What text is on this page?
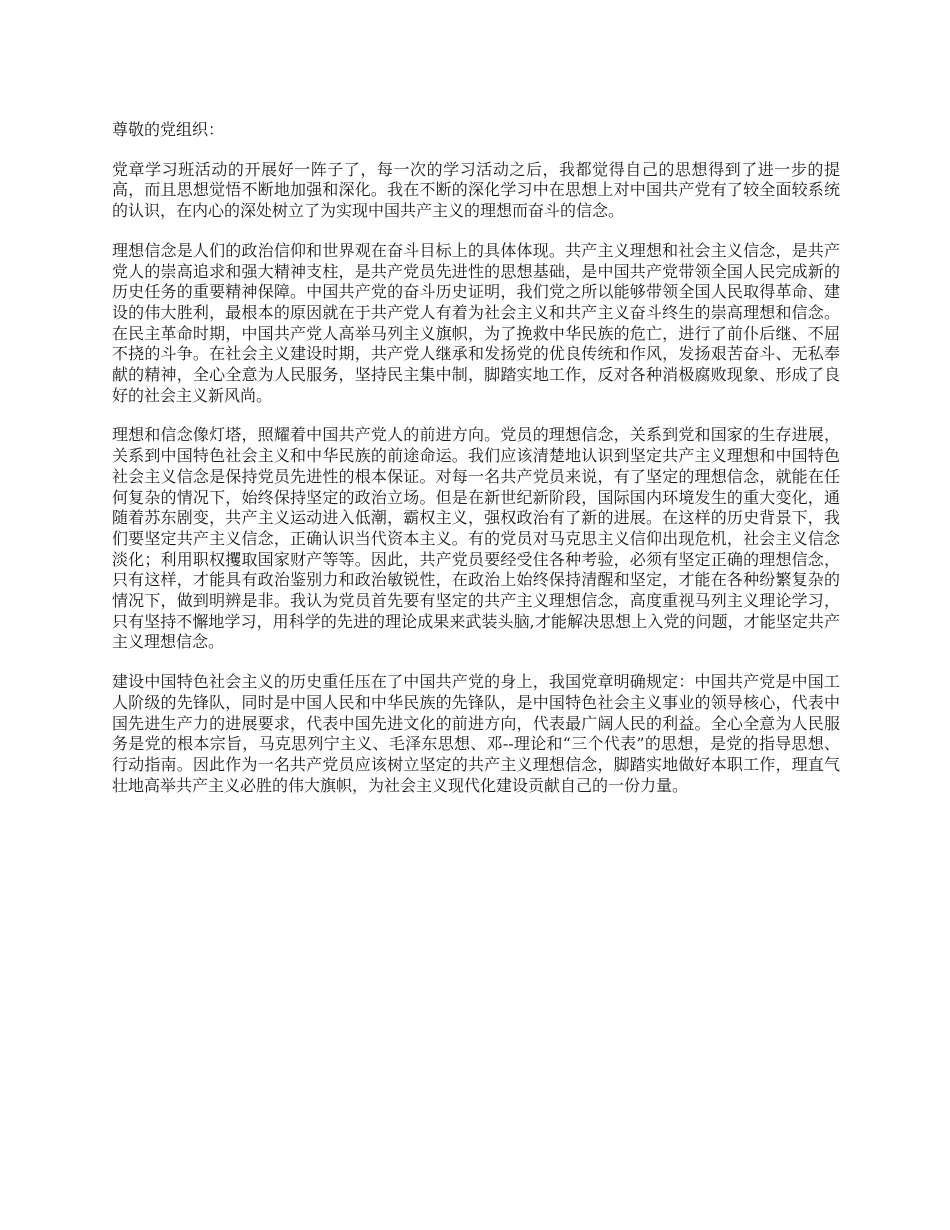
尊敬的党组织：

党章学习班活动的开展好一阵子了，每一次的学习活动之后，我都觉得自己的思想得到了进一步的提高，而且思想觉悟不断地加强和深化。我在不断的深化学习中在思想上对中国共产党有了较全面较系统的认识，在内心的深处树立了为实现中国共产主义的理想而奋斗的信念。

理想信念是人们的政治信仰和世界观在奋斗目标上的具体体现。共产主义理想和社会主义信念，是共产党人的崇高追求和强大精神支柱，是共产党员先进性的思想基础，是中国共产党带领全国人民完成新的历史任务的重要精神保障。中国共产党的奋斗历史证明，我们党之所以能够带领全国人民取得革命、建设的伟大胜利，最根本的原因就在于共产党人有着为社会主义和共产主义奋斗终生的崇高理想和信念。在民主革命时期，中国共产党人高举马列主义旗帜，为了挽救中华民族的危亡，进行了前仆后继、不屈不挠的斗争。在社会主义建设时期，共产党人继承和发扬党的优良传统和作风，发扬艰苦奋斗、无私奉献的精神，全心全意为人民服务，坚持民主集中制，脚踏实地工作，反对各种消极腐败现象、形成了良好的社会主义新风尚。

理想和信念像灯塔，照耀着中国共产党人的前进方向。党员的理想信念，关系到党和国家的生存进展，关系到中国特色社会主义和中华民族的前途命运。我们应该清楚地认识到坚定共产主义理想和中国特色社会主义信念是保持党员先进性的根本保证。对每一名共产党员来说，有了坚定的理想信念，就能在任何复杂的情况下，始终保持坚定的政治立场。但是在新世纪新阶段，国际国内环境发生的重大变化，通随着苏东剧变，共产主义运动进入低潮，霸权主义，强权政治有了新的进展。在这样的历史背景下，我们要坚定共产主义信念，正确认识当代资本主义。有的党员对马克思主义信仰出现危机，社会主义信念淡化；利用职权攫取国家财产等等。因此，共产党员要经受住各种考验，必须有坚定正确的理想信念，只有这样，才能具有政治鉴别力和政治敏锐性，在政治上始终保持清醒和坚定，才能在各种纷繁复杂的情况下，做到明辨是非。我认为党员首先要有坚定的共产主义理想信念，高度重视马列主义理论学习，只有坚持不懈地学习，用科学的先进的理论成果来武装头脑,才能解决思想上入党的问题，才能坚定共产主义理想信念。

建设中国特色社会主义的历史重任压在了中国共产党的身上，我国党章明确规定：中国共产党是中国工人阶级的先锋队，同时是中国人民和中华民族的先锋队，是中国特色社会主义事业的领导核心，代表中国先进生产力的进展要求，代表中国先进文化的前进方向，代表最广阔人民的利益。全心全意为人民服务是党的根本宗旨，马克思列宁主义、毛泽东思想、邓--理论和“三个代表”的思想，是党的指导思想、行动指南。因此作为一名共产党员应该树立坚定的共产主义理想信念，脚踏实地做好本职工作，理直气壮地高举共产主义必胜的伟大旗帜，为社会主义现代化建设贡献自己的一份力量。
